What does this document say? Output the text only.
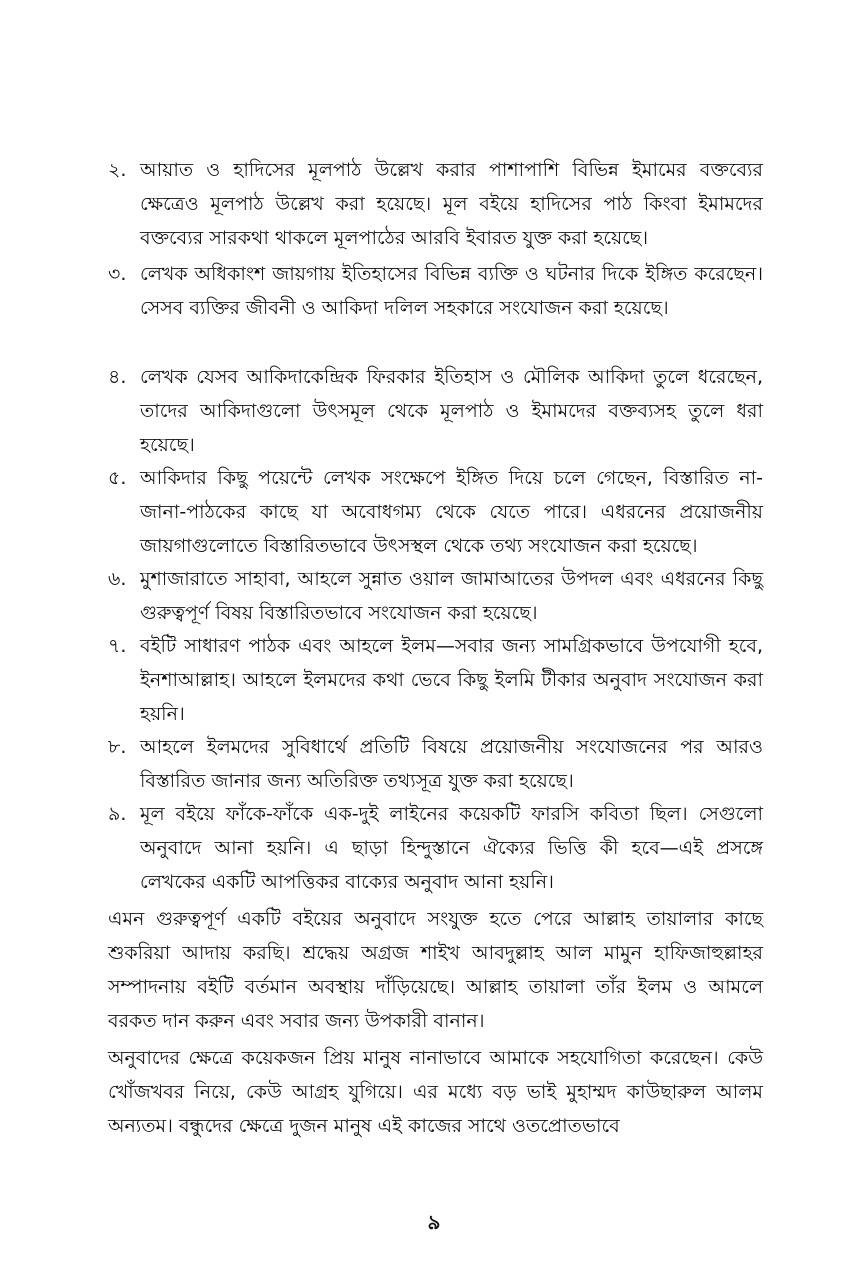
২. আয়াত ও হাদিসের মূলপাঠ উল্লেখ করার পাশাপাশি বিভিন্ন ইমামের বক্তব্যের ক্ষেত্রেও মূলপাঠ উল্লেখ করা হয়েছে। মূল বইয়ে হাদিসের পাঠ কিংবা ইমামদের বক্তব্যের সারকথা থাকলে মূলপাঠের আরবি ইবারত যুক্ত করা হয়েছে।
৩. লেখক অধিকাংশ জায়গায় ইতিহাসের বিভিন্ন ব্যক্তি ও ঘটনার দিকে ইঙ্গিত করেছেন। সেসব ব্যক্তির জীবনী ও আকিদা দলিল সহকারে সংযোজন করা হয়েছে।
৪. লেখক যেসব আকিদাকেন্দ্রিক ফিরকার ইতিহাস ও মৌলিক আকিদা তুলে ধরেছেন, তাদের আকিদাগুলো উৎসমূল থেকে মূলপাঠ ও ইমামদের বক্তব্যসহ তুলে ধরা হয়েছে।
৫. আকিদার কিছু পয়েন্টে লেখক সংক্ষেপে ইঙ্গিত দিয়ে চলে গেছেন, বিস্তারিত না-জানা-পাঠকের কাছে যা অবোধগম্য থেকে যেতে পারে। এধরনের প্রয়োজনীয় জায়গাগুলোতে বিস্তারিতভাবে উৎসস্থল থেকে তথ্য সংযোজন করা হয়েছে।
৬. মুশাজারাতে সাহাবা, আহলে সুন্নাত ওয়াল জামাআতের উপদল এবং এধরনের কিছু গুরুত্বপূর্ণ বিষয় বিস্তারিতভাবে সংযোজন করা হয়েছে।
৭. বইটি সাধারণ পাঠক এবং আহলে ইলম—সবার জন্য সামগ্রিকভাবে উপযোগী হবে, ইনশাআল্লাহ। আহলে ইলমদের কথা ভেবে কিছু ইলমি টীকার অনুবাদ সংযোজন করা হয়নি।
৮. আহলে ইলমদের সুবিধার্থে প্রতিটি বিষয়ে প্রয়োজনীয় সংযোজনের পর আরও বিস্তারিত জানার জন্য অতিরিক্ত তথ্যসূত্র যুক্ত করা হয়েছে।
৯. মূল বইয়ে ফাঁকে-ফাঁকে এক-দুই লাইনের কয়েকটি ফারসি কবিতা ছিল। সেগুলো অনুবাদে আনা হয়নি। এ ছাড়া হিন্দুস্তানে ঐক্যের ভিত্তি কী হবে—এই প্রসঙ্গে লেখকের একটি আপত্তিকর বাক্যের অনুবাদ আনা হয়নি।
এমন গুরুত্বপূর্ণ একটি বইয়ের অনুবাদে সংযুক্ত হতে পেরে আল্লাহ তায়ালার কাছে শুকরিয়া আদায় করছি। শ্রদ্ধেয় অগ্রজ শাইখ আবদুল্লাহ আল মামুন হাফিজাহুল্লাহর সম্পাদনায় বইটি বর্তমান অবস্থায় দাঁড়িয়েছে। আল্লাহ তায়ালা তাঁর ইলম ও আমলে বরকত দান করুন এবং সবার জন্য উপকারী বানান।
অনুবাদের ক্ষেত্রে কয়েকজন প্রিয় মানুষ নানাভাবে আমাকে সহযোগিতা করেছেন। কেউ খোঁজখবর নিয়ে, কেউ আগ্রহ যুগিয়ে। এর মধ্যে বড় ভাই মুহাম্মদ কাউছারুল আলম অন্যতম। বন্ধুদের ক্ষেত্রে দুজন মানুষ এই কাজের সাথে ওতপ্রোতভাবে
৯
